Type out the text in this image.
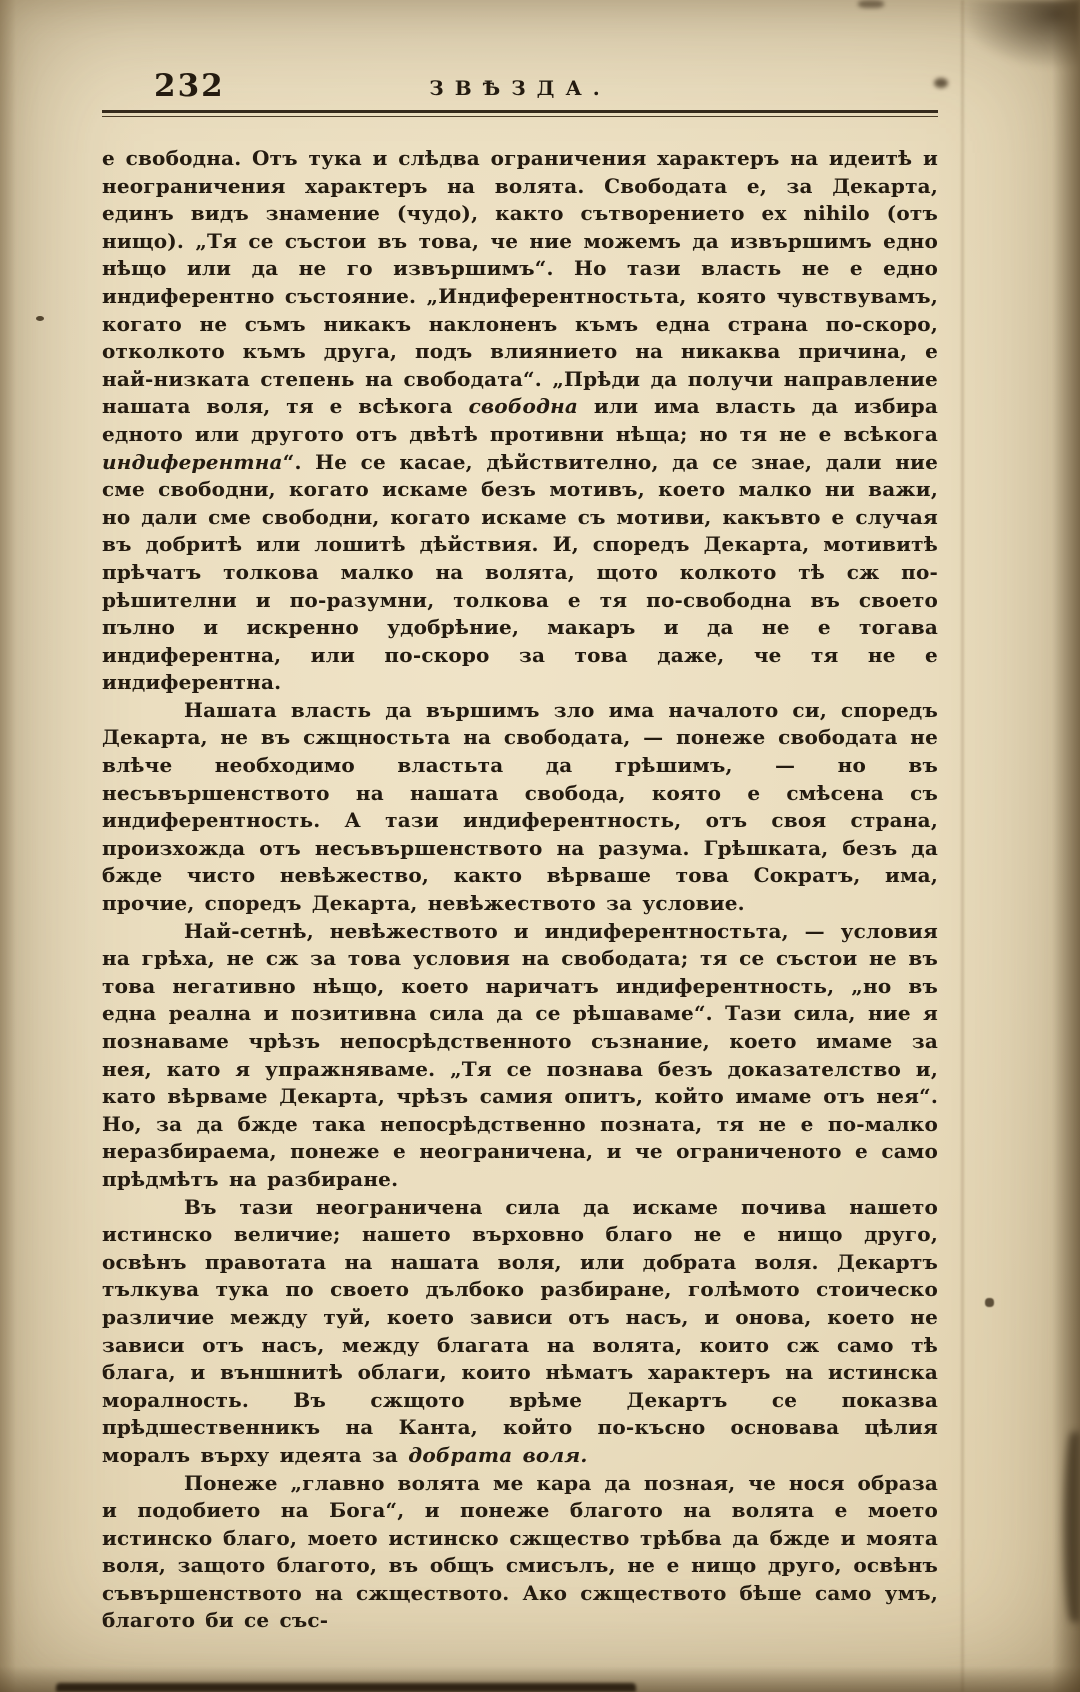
232	ЗВѢЗДА.

е свободна. Отъ тука и слѣдва ограничения характеръ на идеитѣ и неограничения характеръ на волята. Свободата е, за Декарта, единъ видъ знамение (чудо), както сътворението ex nihilo (отъ нищо). „Тя се състои въ това, че ние можемъ да извършимъ едно нѣщо или да не го извършимъ“. Но тази власть не е едно индиферентно състояние. „Индиферентностьта, която чувствувамъ, когато не съмъ никакъ наклоненъ къмъ една страна по-скоро, отколкото къмъ друга, подъ влиянието на никаква причина, е най-низката степень на свободата“. „Прѣди да получи направление нашата воля, тя е всѣкога свободна или има власть да избира едното или другото отъ двѣтѣ противни нѣща; но тя не е всѣкога индиферентна“. Не се касае, дѣйствително, да се знае, дали ние сме свободни, когато искаме безъ мотивъ, което малко ни важи, но дали сме свободни, когато искаме съ мотиви, какъвто е случая въ добритѣ или лошитѣ дѣйствия. И, споредъ Декарта, мотивитѣ прѣчатъ толкова малко на волята, щото колкото тѣ сж по-рѣшителни и по-разумни, толкова е тя по-свободна въ своето пълно и искренно удобрѣние, макаръ и да не е тогава индиферентна, или по-скоро за това даже, че тя не е индиферентна.

Нашата власть да вършимъ зло има началото си, споредъ Декарта, не въ сжщностьта на свободата, — понеже свободата не влѣче необходимо властьта да грѣшимъ, — но въ несъвършенството на нашата свобода, която е смѣсена съ индиферентность. А тази индиферентность, отъ своя страна, произхожда отъ несъвършенството на разума. Грѣшката, безъ да бжде чисто невѣжество, както вѣрваше това Сократъ, има, прочие, споредъ Декарта, невѣжеството за условие.

Най-сетнѣ, невѣжеството и индиферентностьта, — условия на грѣха, не сж за това условия на свободата; тя се състои не въ това негативно нѣщо, което наричатъ индиферентность, „но въ една реална и позитивна сила да се рѣшаваме“. Тази сила, ние я познаваме чрѣзъ непосрѣдственното съзнание, което имаме за нея, като я упражняваме. „Тя се познава безъ доказателство и, като вѣрваме Декарта, чрѣзъ самия опитъ, който имаме отъ нея“. Но, за да бжде така непосрѣдственно позната, тя не е по-малко неразбираема, понеже е неограничена, и че ограниченото е само прѣдмѣтъ на разбиране.

Въ тази неограничена сила да искаме почива нашето истинско величие; нашето върховно благо не е нищо друго, освѣнъ правотата на нашата воля, или добрата воля. Декартъ тълкува тука по своето дълбоко разбиране, голѣмото стоическо различие между туй, което зависи отъ насъ, и онова, което не зависи отъ насъ, между благата на волята, които сж само тѣ блага, и външнитѣ облаги, които нѣматъ характеръ на истинска моралность. Въ сжщото врѣме Декартъ се показва прѣдшественникъ на Канта, който по-късно основава цѣлия моралъ върху идеята за добрата воля.

Понеже „главно волята ме кара да позная, че нося образа и подобието на Бога“, и понеже благото на волята е моето истинско благо, моето истинско сжщество трѣбва да бжде и моята воля, защото благото, въ общъ смисълъ, не е нищо друго, освѣнъ съвършенството на сжществото. Ако сжществото бѣше само умъ, благото би се със-
